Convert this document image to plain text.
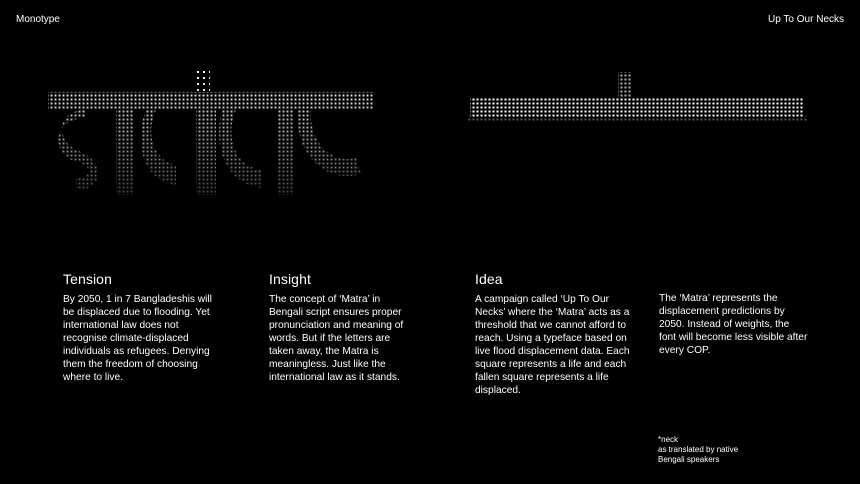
Monotype	Up To Our Necks
Tension

By 2050, 1 in 7 Bangladeshis will be displaced due to flooding. Yet international law does not recognise climate-displaced individuals as refugees. Denying them the freedom of choosing where to live.

Insight

The concept of ‘Matra’ in Bengali script ensures proper pronunciation and meaning of words. But if the letters are taken away, the Matra is meaningless. Just like the international law as it stands.

Idea

A campaign called ‘Up To Our Necks’ where the ‘Matra’ acts as a threshold that we cannot afford to reach. Using a typeface based on live flood displacement data. Each square represents a life and each fallen square represents a life displaced.

The ‘Matra’ represents the displacement predictions by 2050. Instead of weights, the font will become less visible after every COP.

*neck
as translated by native
Bengali speakers
